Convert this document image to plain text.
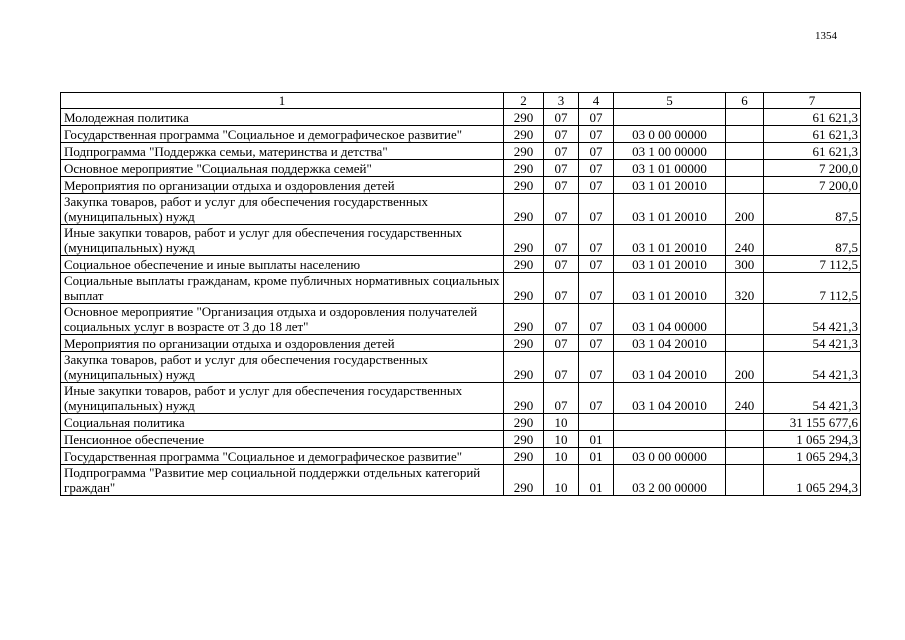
1354
1	2	3	4	5	6	7
Молодежная политика	290	07	07			61 621,3
Государственная программа "Социальное и демографическое развитие"	290	07	07	03 0 00 00000		61 621,3
Подпрограмма "Поддержка семьи, материнства и детства"	290	07	07	03 1 00 00000		61 621,3
Основное мероприятие "Социальная поддержка семей"	290	07	07	03 1 01 00000		7 200,0
Мероприятия по организации отдыха и оздоровления детей	290	07	07	03 1 01 20010		7 200,0
Закупка товаров, работ и услуг для обеспечения государственных (муниципальных) нужд	290	07	07	03 1 01 20010	200	87,5
Иные закупки товаров, работ и услуг для обеспечения государственных (муниципальных) нужд	290	07	07	03 1 01 20010	240	87,5
Социальное обеспечение и иные выплаты населению	290	07	07	03 1 01 20010	300	7 112,5
Социальные выплаты гражданам, кроме публичных нормативных социальных выплат	290	07	07	03 1 01 20010	320	7 112,5
Основное мероприятие "Организация отдыха и оздоровления получателей социальных услуг в возрасте от 3 до 18 лет"	290	07	07	03 1 04 00000		54 421,3
Мероприятия по организации отдыха и оздоровления детей	290	07	07	03 1 04 20010		54 421,3
Закупка товаров, работ и услуг для обеспечения государственных (муниципальных) нужд	290	07	07	03 1 04 20010	200	54 421,3
Иные закупки товаров, работ и услуг для обеспечения государственных (муниципальных) нужд	290	07	07	03 1 04 20010	240	54 421,3
Социальная политика	290	10				31 155 677,6
Пенсионное обеспечение	290	10	01			1 065 294,3
Государственная программа "Социальное и демографическое развитие"	290	10	01	03 0 00 00000		1 065 294,3
Подпрограмма "Развитие мер социальной поддержки отдельных категорий граждан"	290	10	01	03 2 00 00000		1 065 294,3
